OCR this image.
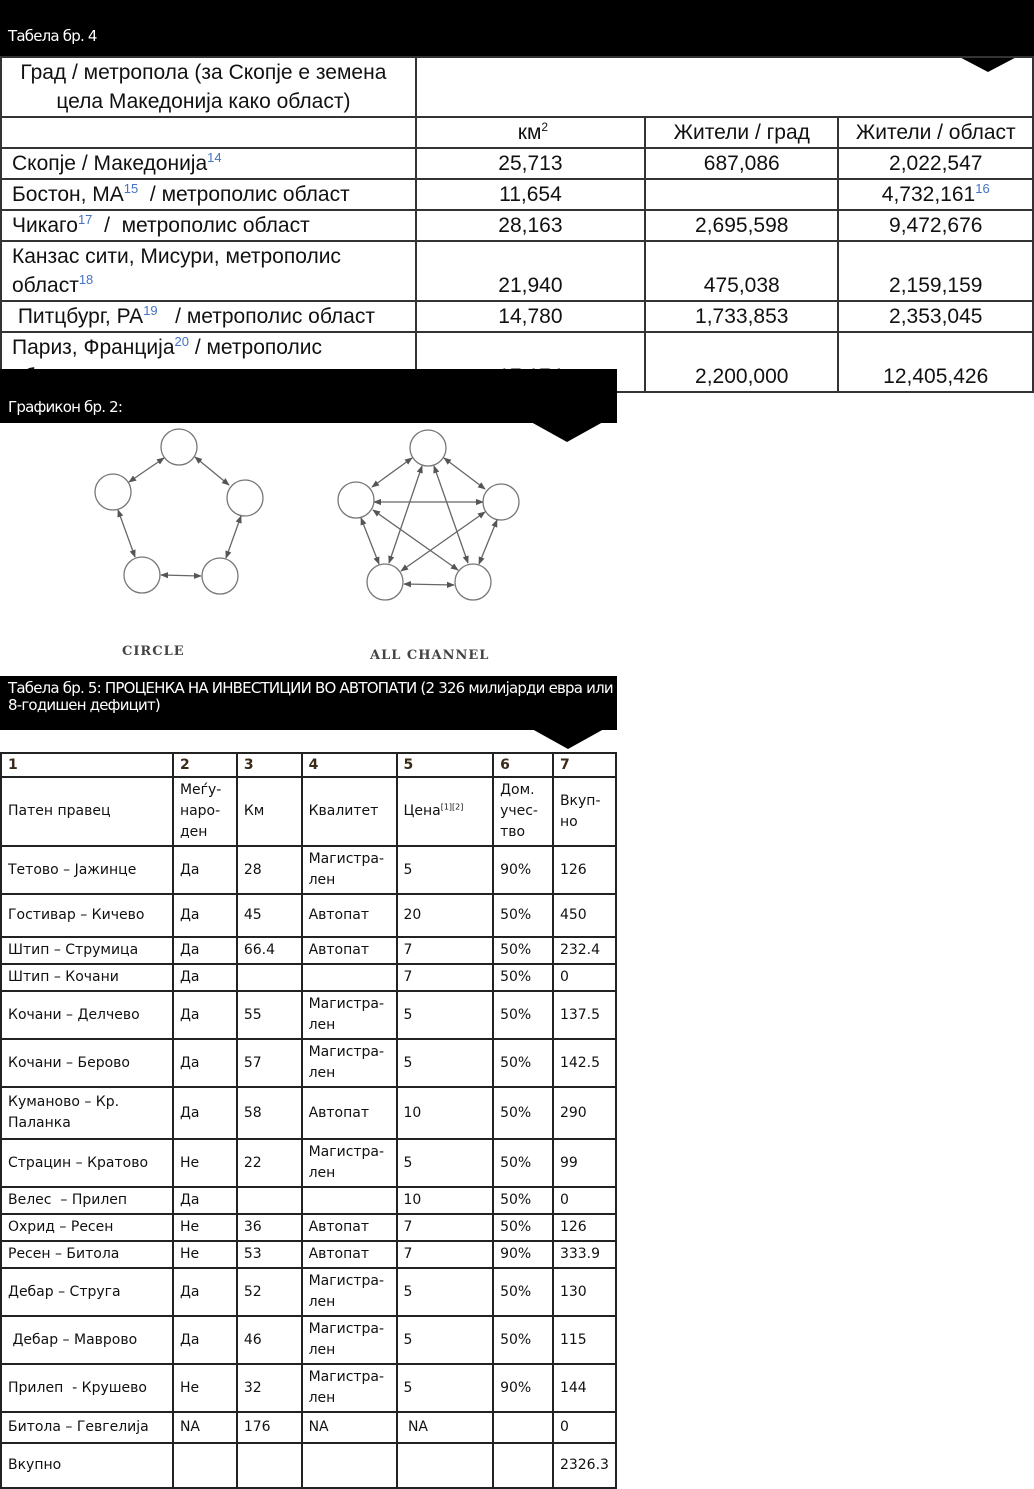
Табела бр. 4
Град / метропола (за Скопје е земена цела Македонија како област)			
	$км^2$	Жители / град	Жители / област
Скопје / Македонија$^{14}$	25,713	687,086	2,022,547
Бостон, МА$^{15}$  / метрополис област	11,654		4,732,161$^{16}$
Чикаго$^{17}$  /  метрополис област	28,163	2,695,598	9,472,676
Канзас сити, Мисури, метрополис
област$^{18}$	21,940	475,038	2,159,159
Питцбург, РА$^{19}$   / метрополис област	14,780	1,733,853	2,353,045
Париз, Франција$^{20}$ / метрополис		2,200,000	12,405,426
Графикон бр. 2:
CIRCLE	ALL CHANNEL
Табела бр. 5: ПРОЦЕНКА НА ИНВЕСТИЦИИ ВО АВТОПАТИ (2 326 милијарди евра или 8-годишен дефицит)
1	2	3	4	5	6	7
Патен правец	Меѓу-наро-ден	Км	Квалитет	Цена[1][2]	Дом. учес-тво	Вкуп-но
Тетово – Јажинце	Да	28	Магистра-лен	5	90%	126
Гостивар – Кичево	Да	45	Автопат	20	50%	450
Штип – Струмица	Да	66.4	Автопат	7	50%	232.4
Штип – Кочани	Да			7	50%	0
Кочани – Делчево	Да	55	Магистра-лен	5	50%	137.5
Кочани – Берово	Да	57	Магистра-лен	5	50%	142.5
Куманово – Кр. Паланка	Да	58	Автопат	10	50%	290
Страцин – Кратово	Не	22	Магистра-лен	5	50%	99
Велес  – Прилеп	Да			10	50%	0
Охрид – Ресен	Не	36	Автопат	7	50%	126
Ресен – Битола	Не	53	Автопат	7	90%	333.9
Дебар – Струга	Да	52	Магистра-лен	5	50%	130
Дебар – Маврово	Да	46	Магистра-лен	5	50%	115
Прилеп  - Крушево	Не	32	Магистра-лен	5	90%	144
Битола – Гевгелија	NA	176	NA	NA		0
Вкупно						2326.3
